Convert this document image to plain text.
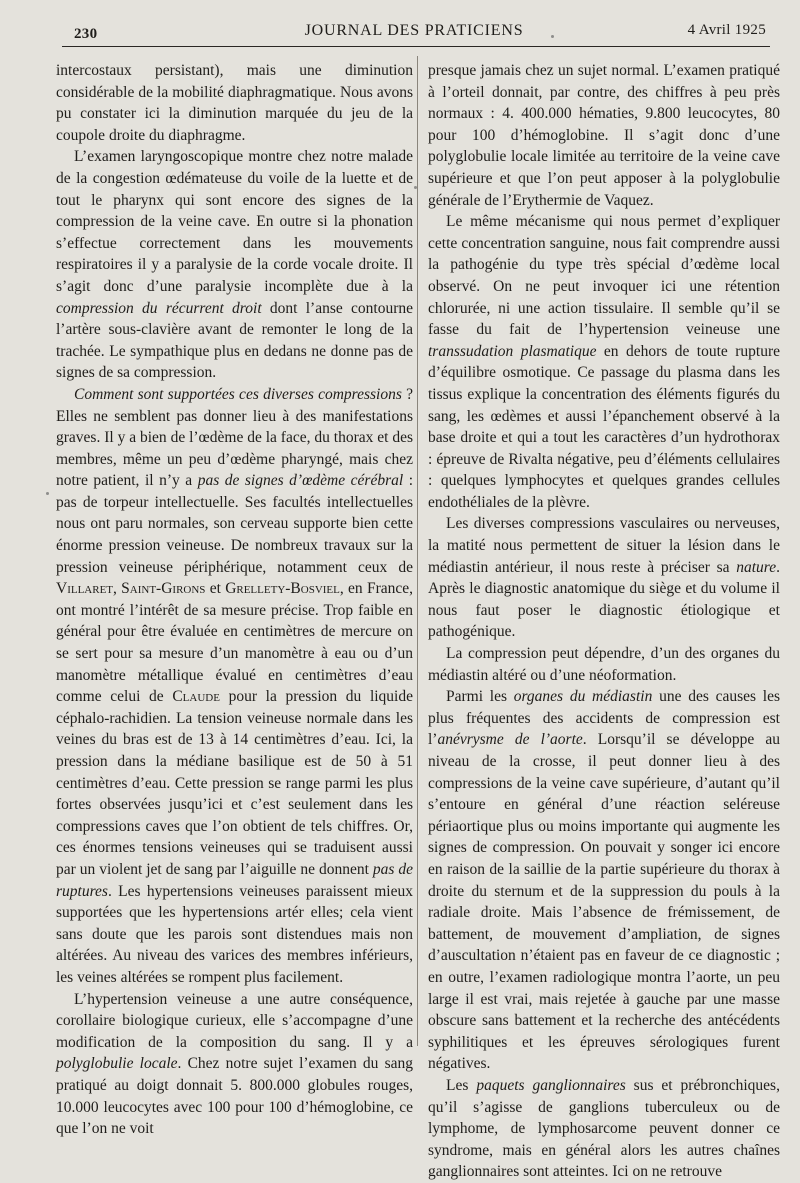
230	JOURNAL DES PRATICIENS	4 Avril 1925

intercostaux persistant), mais une diminution considérable de la mobilité diaphragmatique. Nous avons pu constater ici la diminution marquée du jeu de la coupole droite du diaphragme.

L’examen laryngoscopique montre chez notre malade de la congestion œdémateuse du voile de la luette et de tout le pharynx qui sont encore des signes de la compression de la veine cave. En outre si la phonation s’effectue correctement dans les mouvements respiratoires il y a paralysie de la corde vocale droite. Il s’agit donc d’une paralysie incomplète due à la compression du récurrent droit dont l’anse contourne l’artère sous-clavière avant de remonter le long de la trachée. Le sympathique plus en dedans ne donne pas de signes de sa compression.

Comment sont supportées ces diverses compressions ? Elles ne semblent pas donner lieu à des manifestations graves. Il y a bien de l’œdème de la face, du thorax et des membres, même un peu d’œdème pharyngé, mais chez notre patient, il n’y a pas de signes d’œdème cérébral : pas de torpeur intellectuelle. Ses facultés intellectuelles nous ont paru normales, son cerveau supporte bien cette énorme pression veineuse. De nombreux travaux sur la pression veineuse périphérique, notamment ceux de Villaret, Saint-Girons et Grellety-Bosviel, en France, ont montré l’intérêt de sa mesure précise. Trop faible en général pour être évaluée en centimètres de mercure on se sert pour sa mesure d’un manomètre à eau ou d’un manomètre métallique évalué en centimètres d’eau comme celui de Claude pour la pression du liquide céphalo-rachidien. La tension veineuse normale dans les veines du bras est de 13 à 14 centimètres d’eau. Ici, la pression dans la médiane basilique est de 50 à 51 centimètres d’eau. Cette pression se range parmi les plus fortes observées jusqu’ici et c’est seulement dans les compressions caves que l’on obtient de tels chiffres. Or, ces énormes tensions veineuses qui se traduisent aussi par un violent jet de sang par l’aiguille ne donnent pas de ruptures. Les hypertensions veineuses paraissent mieux supportées que les hypertensions artér elles; cela vient sans doute que les parois sont distendues mais non altérées. Au niveau des varices des membres inférieurs, les veines altérées se rompent plus facilement.

L’hypertension veineuse a une autre conséquence, corollaire biologique curieux, elle s’accompagne d’une modification de la composition du sang. Il y a polyglobulie locale. Chez notre sujet l’examen du sang pratiqué au doigt donnait 5. 800.000 globules rouges, 10.000 leucocytes avec 100 pour 100 d’hémoglobine, ce que l’on ne voit

presque jamais chez un sujet normal. L’examen pratiqué à l’orteil donnait, par contre, des chiffres à peu près normaux : 4. 400.000 hématies, 9.800 leucocytes, 80 pour 100 d’hémoglobine. Il s’agit donc d’une polyglobulie locale limitée au territoire de la veine cave supérieure et que l’on peut apposer à la polyglobulie générale de l’Erythermie de Vaquez.

Le même mécanisme qui nous permet d’expliquer cette concentration sanguine, nous fait comprendre aussi la pathogénie du type très spécial d’œdème local observé. On ne peut invoquer ici une rétention chlorurée, ni une action tissulaire. Il semble qu’il se fasse du fait de l’hypertension veineuse une transsudation plasmatique en dehors de toute rupture d’équilibre osmotique. Ce passage du plasma dans les tissus explique la concentration des éléments figurés du sang, les œdèmes et aussi l’épanchement observé à la base droite et qui a tout les caractères d’un hydrothorax : épreuve de Rivalta négative, peu d’éléments cellulaires : quelques lymphocytes et quelques grandes cellules endothéliales de la plèvre.

Les diverses compressions vasculaires ou nerveuses, la matité nous permettent de situer la lésion dans le médiastin antérieur, il nous reste à préciser sa nature. Après le diagnostic anatomique du siège et du volume il nous faut poser le diagnostic étiologique et pathogénique.

La compression peut dépendre, d’un des organes du médiastin altéré ou d’une néoformation.

Parmi les organes du médiastin une des causes les plus fréquentes des accidents de compression est l’anévrysme de l’aorte. Lorsqu’il se développe au niveau de la crosse, il peut donner lieu à des compressions de la veine cave supérieure, d’autant qu’il s’entoure en général d’une réaction seléreuse périaortique plus ou moins importante qui augmente les signes de compression. On pouvait y songer ici encore en raison de la saillie de la partie supérieure du thorax à droite du sternum et de la suppression du pouls à la radiale droite. Mais l’absence de frémissement, de battement, de mouvement d’ampliation, de signes d’auscultation n’étaient pas en faveur de ce diagnostic ; en outre, l’examen radiologique montra l’aorte, un peu large il est vrai, mais rejetée à gauche par une masse obscure sans battement et la recherche des antécédents syphilitiques et les épreuves sérologiques furent négatives.

Les paquets ganglionnaires sus et prébronchiques, qu’il s’agisse de ganglions tuberculeux ou de lymphome, de lymphosarcome peuvent donner ce syndrome, mais en général alors les autres chaînes ganglionnaires sont atteintes. Ici on ne retrouve
